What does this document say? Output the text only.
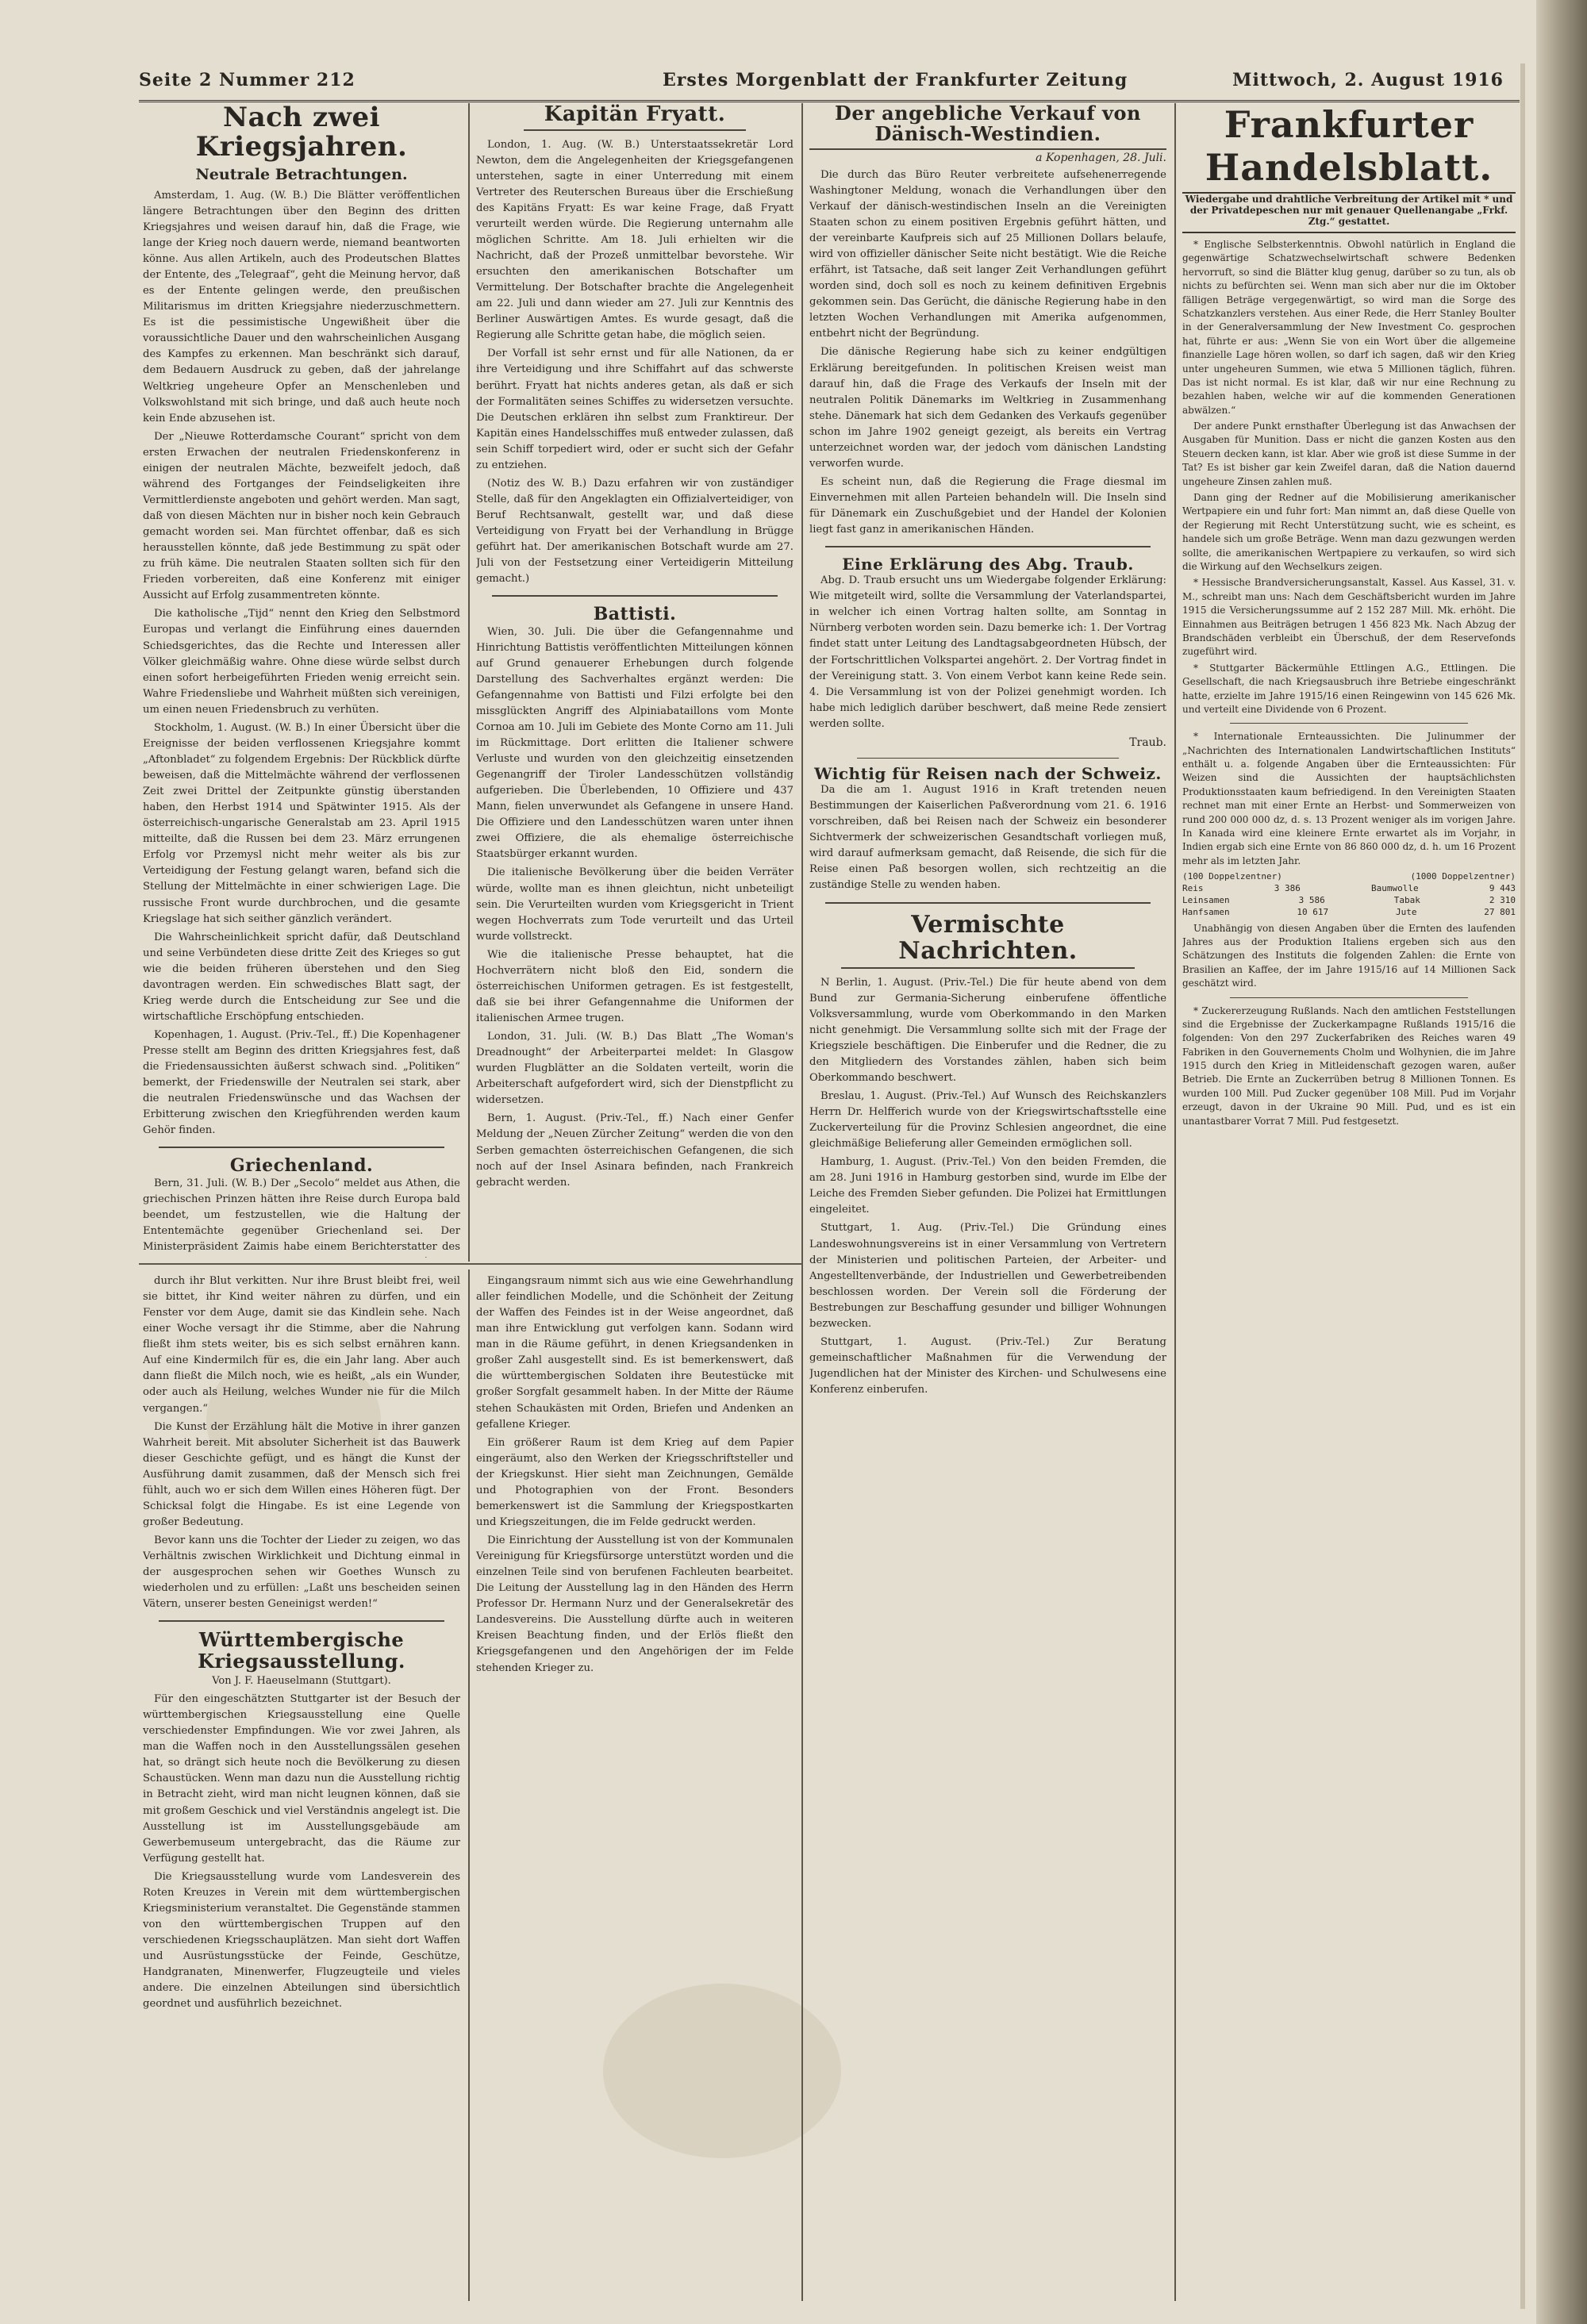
Seite 2 Nummer 212	Erstes Morgenblatt der Frankfurter Zeitung	Mittwoch, 2. August 1916
Nach zwei Kriegsjahren.
Neutrale Betrachtungen.

Amsterdam, 1. Aug. (W. B.) Die Blätter veröffentlichen längere Betrachtungen über den Beginn des dritten Kriegsjahres und weisen darauf hin, daß die Frage, wie lange der Krieg noch dauern werde, niemand beantworten könne. Aus allen Artikeln, auch des Prodeutschen Blattes der Entente, des „Telegraaf“, geht die Meinung hervor, daß es der Entente gelingen werde, den preußischen Militarismus im dritten Kriegsjahre niederzuschmettern. Es ist die pessimistische Ungewißheit über die voraussichtliche Dauer und den wahrscheinlichen Ausgang des Kampfes zu erkennen. Man beschränkt sich darauf, dem Bedauern Ausdruck zu geben, daß der jahrelange Weltkrieg ungeheure Opfer an Menschenleben und Volkswohlstand mit sich bringe, und daß auch heute noch kein Ende abzusehen ist.

Der „Nieuwe Rotterdamsche Courant“ spricht von dem ersten Erwachen der neutralen Friedenskonferenz in einigen der neutralen Mächte, bezweifelt jedoch, daß während des Fortganges der Feindseligkeiten ihre Vermittlerdienste angeboten und gehört werden. Man sagt, daß von diesen Mächten nur in bisher noch kein Gebrauch gemacht worden sei. Man fürchtet offenbar, daß es sich herausstellen könnte, daß jede Bestimmung zu spät oder zu früh käme. Die neutralen Staaten sollten sich für den Frieden vorbereiten, daß eine Konferenz mit einiger Aussicht auf Erfolg zusammentreten könnte.

Die katholische „Tijd“ nennt den Krieg den Selbstmord Europas und verlangt die Einführung eines dauernden Schiedsgerichtes, das die Rechte und Interessen aller Völker gleichmäßig wahre. Ohne diese würde selbst durch einen sofort herbeigeführten Frieden wenig erreicht sein. Wahre Friedensliebe und Wahrheit müßten sich vereinigen, um einen neuen Friedensbruch zu verhüten.

Stockholm, 1. August. (W. B.) In einer Übersicht über die Ereignisse der beiden verflossenen Kriegsjahre kommt „Aftonbladet“ zu folgendem Ergebnis: Der Rückblick dürfte beweisen, daß die Mittelmächte während der verflossenen Zeit zwei Drittel der Zeitpunkte günstig überstanden haben, den Herbst 1914 und Spätwinter 1915. Als der österreichisch-ungarische Generalstab am 23. April 1915 mitteilte, daß die Russen bei dem 23. März errungenen Erfolg vor Przemysl nicht mehr weiter als bis zur Verteidigung der Festung gelangt waren, befand sich die Stellung der Mittelmächte in einer schwierigen Lage. Die russische Front wurde durchbrochen, und die gesamte Kriegslage hat sich seither gänzlich verändert.

Die Wahrscheinlichkeit spricht dafür, daß Deutschland und seine Verbündeten diese dritte Zeit des Krieges so gut wie die beiden früheren überstehen und den Sieg davontragen werden. Ein schwedisches Blatt sagt, der Krieg werde durch die Entscheidung zur See und die wirtschaftliche Erschöpfung entschieden.

Kopenhagen, 1. August. (Priv.-Tel., ff.) Die Kopenhagener Presse stellt am Beginn des dritten Kriegsjahres fest, daß die Friedensaussichten äußerst schwach sind. „Politiken“ bemerkt, der Friedenswille der Neutralen sei stark, aber die neutralen Friedenswünsche und das Wachsen der Erbitterung zwischen den Kriegführenden werden kaum Gehör finden.

Griechenland.

Bern, 31. Juli. (W. B.) Der „Secolo“ meldet aus Athen, die griechischen Prinzen hätten ihre Reise durch Europa bald beendet, um festzustellen, wie die Haltung der Ententemächte gegenüber Griechenland sei. Der Ministerpräsident Zaimis habe einem Berichterstatter des

Kapitän Fryatt.

London, 1. Aug. (W. B.) Unterstaatssekretär Lord Newton, dem die Angelegenheiten der Kriegsgefangenen unterstehen, sagte in einer Unterredung mit einem Vertreter des Reuterschen Bureaus über die Erschießung des Kapitäns Fryatt: Es war keine Frage, daß Fryatt verurteilt werden würde. Die Regierung unternahm alle möglichen Schritte. Am 18. Juli erhielten wir die Nachricht, daß der Prozeß unmittelbar bevorstehe. Wir ersuchten den amerikanischen Botschafter um Vermittelung. Der Botschafter brachte die Angelegenheit am 22. Juli und dann wieder am 27. Juli zur Kenntnis des Berliner Auswärtigen Amtes. Es wurde gesagt, daß die Regierung alle Schritte getan habe, die möglich seien.

Der Vorfall ist sehr ernst und für alle Nationen, da er ihre Verteidigung und ihre Schiffahrt auf das schwerste berührt. Fryatt hat nichts anderes getan, als daß er sich der Formalitäten seines Schiffes zu widersetzen versuchte. Die Deutschen erklären ihn selbst zum Franktireur. Der Kapitän eines Handelsschiffes muß entweder zulassen, daß sein Schiff torpediert wird, oder er sucht sich der Gefahr zu entziehen.

(Notiz des W. B.) Dazu erfahren wir von zuständiger Stelle, daß für den Angeklagten ein Offizialverteidiger, von Beruf Rechtsanwalt, gestellt war, und daß diese Verteidigung von Fryatt bei der Verhandlung in Brügge geführt hat. Der amerikanischen Botschaft wurde am 27. Juli von der Festsetzung einer Verteidigerin Mitteilung gemacht.)

Battisti.

Wien, 30. Juli. Die über die Gefangennahme und Hinrichtung Battistis veröffentlichten Mitteilungen können auf Grund genauerer Erhebungen durch folgende Darstellung des Sachverhaltes ergänzt werden: Die Gefangennahme von Battisti und Filzi erfolgte bei den missglückten Angriff des Alpiniabataillons vom Monte Cornoa am 10. Juli im Gebiete des Monte Corno am 11. Juli im Rückmittage. Dort erlitten die Italiener schwere Verluste und wurden von den gleichzeitig einsetzenden Gegenangriff der Tiroler Landesschützen vollständig aufgerieben. Die Überlebenden, 10 Offiziere und 437 Mann, fielen unverwundet als Gefangene in unsere Hand. Die Offiziere und den Landesschützen waren unter ihnen zwei Offiziere, die als ehemalige österreichische Staatsbürger erkannt wurden.

Die italienische Bevölkerung über die beiden Verräter würde, wollte man es ihnen gleichtun, nicht unbeteiligt sein. Die Verurteilten wurden vom Kriegsgericht in Trient wegen Hochverrats zum Tode verurteilt und das Urteil wurde vollstreckt.

Wie die italienische Presse behauptet, hat die Hochverrätern nicht bloß den Eid, sondern die österreichischen Uniformen getragen. Es ist festgestellt, daß sie bei ihrer Gefangennahme die Uniformen der italienischen Armee trugen.

London, 31. Juli. (W. B.) Das Blatt „The Woman's Dreadnought“ der Arbeiterpartei meldet: In Glasgow wurden Flugblätter an die Soldaten verteilt, worin die Arbeiterschaft aufgefordert wird, sich der Dienstpflicht zu widersetzen.

Bern, 1. August. (Priv.-Tel., ff.) Nach einer Genfer Meldung der „Neuen Zürcher Zeitung“ werden die von den Serben gemachten österreichischen Gefangenen, die sich noch auf der Insel Asinara befinden, nach Frankreich gebracht werden.

Der angebliche Verkauf von Dänisch-Westindien.
a Kopenhagen, 28. Juli.

Die durch das Büro Reuter verbreitete aufsehenerregende Washingtoner Meldung, wonach die Verhandlungen über den Verkauf der dänisch-westindischen Inseln an die Vereinigten Staaten schon zu einem positiven Ergebnis geführt hätten, und der vereinbarte Kaufpreis sich auf 25 Millionen Dollars belaufe, wird von offizieller dänischer Seite nicht bestätigt. Wie die Reiche erfährt, ist Tatsache, daß seit langer Zeit Verhandlungen geführt worden sind, doch soll es noch zu keinem definitiven Ergebnis gekommen sein. Das Gerücht, die dänische Regierung habe in den letzten Wochen Verhandlungen mit Amerika aufgenommen, entbehrt nicht der Begründung.

Die dänische Regierung habe sich zu keiner endgültigen Erklärung bereitgefunden. In politischen Kreisen weist man darauf hin, daß die Frage des Verkaufs der Inseln mit der neutralen Politik Dänemarks im Weltkrieg in Zusammenhang stehe. Dänemark hat sich dem Gedanken des Verkaufs gegenüber schon im Jahre 1902 geneigt gezeigt, als bereits ein Vertrag unterzeichnet worden war, der jedoch vom dänischen Landsting verworfen wurde.

Es scheint nun, daß die Regierung die Frage diesmal im Einvernehmen mit allen Parteien behandeln will. Die Inseln sind für Dänemark ein Zuschußgebiet und der Handel der Kolonien liegt fast ganz in amerikanischen Händen.

Eine Erklärung des Abg. Traub.

Abg. D. Traub ersucht uns um Wiedergabe folgender Erklärung: Wie mitgeteilt wird, sollte die Versammlung der Vaterlandspartei, in welcher ich einen Vortrag halten sollte, am Sonntag in Nürnberg verboten worden sein. Dazu bemerke ich: 1. Der Vortrag findet statt unter Leitung des Landtagsabgeordneten Hübsch, der der Fortschrittlichen Volkspartei angehört. 2. Der Vortrag findet in der Vereinigung statt. 3. Von einem Verbot kann keine Rede sein. 4. Die Versammlung ist von der Polizei genehmigt worden. Ich habe mich lediglich darüber beschwert, daß meine Rede zensiert werden sollte.

Traub.
Wichtig für Reisen nach der Schweiz.

Da die am 1. August 1916 in Kraft tretenden neuen Bestimmungen der Kaiserlichen Paßverordnung vom 21. 6. 1916 vorschreiben, daß bei Reisen nach der Schweiz ein besonderer Sichtvermerk der schweizerischen Gesandtschaft vorliegen muß, wird darauf aufmerksam gemacht, daß Reisende, die sich für die Reise einen Paß besorgen wollen, sich rechtzeitig an die zuständige Stelle zu wenden haben.

Vermischte Nachrichten.

N Berlin, 1. August. (Priv.-Tel.) Die für heute abend von dem Bund zur Germania-Sicherung einberufene öffentliche Volksversammlung, wurde vom Oberkommando in den Marken nicht genehmigt. Die Versammlung sollte sich mit der Frage der Kriegsziele beschäftigen. Die Einberufer und die Redner, die zu den Mitgliedern des Vorstandes zählen, haben sich beim Oberkommando beschwert.

Breslau, 1. August. (Priv.-Tel.) Auf Wunsch des Reichskanzlers Herrn Dr. Helfferich wurde von der Kriegswirtschaftsstelle eine Zuckerverteilung für die Provinz Schlesien angeordnet, die eine gleichmäßige Belieferung aller Gemeinden ermöglichen soll.

Hamburg, 1. August. (Priv.-Tel.) Von den beiden Fremden, die am 28. Juni 1916 in Hamburg gestorben sind, wurde im Elbe der Leiche des Fremden Sieber gefunden. Die Polizei hat Ermittlungen eingeleitet.

Stuttgart, 1. Aug. (Priv.-Tel.) Die Gründung eines Landeswohnungsvereins ist in einer Versammlung von Vertretern der Ministerien und politischen Parteien, der Arbeiter- und Angestelltenverbände, der Industriellen und Gewerbetreibenden beschlossen worden. Der Verein soll die Förderung der Bestrebungen zur Beschaffung gesunder und billiger Wohnungen bezwecken.

Stuttgart, 1. August. (Priv.-Tel.) Zur Beratung gemeinschaftlicher Maßnahmen für die Verwendung der Jugendlichen hat der Minister des Kirchen- und Schulwesens eine Konferenz einberufen.

Frankfurter Handelsblatt.
Wiedergabe und drahtliche Verbreitung der Artikel mit * und der Privatdepeschen nur mit genauer Quellenangabe „Frkf. Ztg.“ gestattet.

* Englische Selbsterkenntnis. Obwohl natürlich in England die gegenwärtige Schatzwechselwirtschaft schwere Bedenken hervorruft, so sind die Blätter klug genug, darüber so zu tun, als ob nichts zu befürchten sei. Wenn man sich aber nur die im Oktober fälligen Beträge vergegenwärtigt, so wird man die Sorge des Schatzkanzlers verstehen. Aus einer Rede, die Herr Stanley Boulter in der Generalversammlung der New Investment Co. gesprochen hat, führte er aus: „Wenn Sie von ein Wort über die allgemeine finanzielle Lage hören wollen, so darf ich sagen, daß wir den Krieg unter ungeheuren Summen, wie etwa 5 Millionen täglich, führen. Das ist nicht normal. Es ist klar, daß wir nur eine Rechnung zu bezahlen haben, welche wir auf die kommenden Generationen abwälzen.“

Der andere Punkt ernsthafter Überlegung ist das Anwachsen der Ausgaben für Munition. Dass er nicht die ganzen Kosten aus den Steuern decken kann, ist klar. Aber wie groß ist diese Summe in der Tat? Es ist bisher gar kein Zweifel daran, daß die Nation dauernd ungeheure Zinsen zahlen muß.

Dann ging der Redner auf die Mobilisierung amerikanischer Wertpapiere ein und fuhr fort: Man nimmt an, daß diese Quelle von der Regierung mit Recht Unterstützung sucht, wie es scheint, es handele sich um große Beträge. Wenn man dazu gezwungen werden sollte, die amerikanischen Wertpapiere zu verkaufen, so wird sich die Wirkung auf den Wechselkurs zeigen.

* Hessische Brandversicherungsanstalt, Kassel. Aus Kassel, 31. v. M., schreibt man uns: Nach dem Geschäftsbericht wurden im Jahre 1915 die Versicherungssumme auf 2 152 287 Mill. Mk. erhöht. Die Einnahmen aus Beiträgen betrugen 1 456 823 Mk. Nach Abzug der Brandschäden verbleibt ein Überschuß, der dem Reservefonds zugeführt wird.

* Stuttgarter Bäckermühle Ettlingen A.G., Ettlingen. Die Gesellschaft, die nach Kriegsausbruch ihre Betriebe eingeschränkt hatte, erzielte im Jahre 1915/16 einen Reingewinn von 145 626 Mk. und verteilt eine Dividende von 6 Prozent.

* Internationale Ernteaussichten. Die Julinummer der „Nachrichten des Internationalen Landwirtschaftlichen Instituts“ enthält u. a. folgende Angaben über die Ernteaussichten: Für Weizen sind die Aussichten der hauptsächlichsten Produktionsstaaten kaum befriedigend. In den Vereinigten Staaten rechnet man mit einer Ernte an Herbst- und Sommerweizen von rund 200 000 000 dz, d. s. 13 Prozent weniger als im vorigen Jahre. In Kanada wird eine kleinere Ernte erwartet als im Vorjahr, in Indien ergab sich eine Ernte von 86 860 000 dz, d. h. um 16 Prozent mehr als im letzten Jahr.

(100 Doppelzentner)	(1000 Doppelzentner)
Reis	3 386	Baumwolle	9 443
Leinsamen	3 586	Tabak	2 310
Hanfsamen	10 617	Jute	27 801

Unabhängig von diesen Angaben über die Ernten des laufenden Jahres aus der Produktion Italiens ergeben sich aus den Schätzungen des Instituts die folgenden Zahlen: die Ernte von Brasilien an Kaffee, der im Jahre 1915/16 auf 14 Millionen Sack geschätzt wird.

* Zuckererzeugung Rußlands. Nach den amtlichen Feststellungen sind die Ergebnisse der Zuckerkampagne Rußlands 1915/16 die folgenden: Von den 297 Zuckerfabriken des Reiches waren 49 Fabriken in den Gouvernements Cholm und Wolhynien, die im Jahre 1915 durch den Krieg in Mitleidenschaft gezogen waren, außer Betrieb. Die Ernte an Zuckerrüben betrug 8 Millionen Tonnen. Es wurden 100 Mill. Pud Zucker gegenüber 108 Mill. Pud im Vorjahr erzeugt, davon in der Ukraine 90 Mill. Pud, und es ist ein unantastbarer Vorrat 7 Mill. Pud festgesetzt.

durch ihr Blut verkitten. Nur ihre Brust bleibt frei, weil sie bittet, ihr Kind weiter nähren zu dürfen, und ein Fenster vor dem Auge, damit sie das Kindlein sehe. Nach einer Woche versagt ihr die Stimme, aber die Nahrung fließt ihm stets weiter, bis es sich selbst ernähren kann. Auf eine Kindermilch für es, die ein Jahr lang. Aber auch dann fließt die Milch noch, wie es heißt, „als ein Wunder, oder auch als Heilung, welches Wunder nie für die Milch vergangen.“

Die Kunst der Erzählung hält die Motive in ihrer ganzen Wahrheit bereit. Mit absoluter Sicherheit ist das Bauwerk dieser Geschichte gefügt, und es hängt die Kunst der Ausführung damit zusammen, daß der Mensch sich frei fühlt, auch wo er sich dem Willen eines Höheren fügt. Der Schicksal folgt die Hingabe. Es ist eine Legende von großer Bedeutung.

Bevor kann uns die Tochter der Lieder zu zeigen, wo das Verhältnis zwischen Wirklichkeit und Dichtung einmal in der ausgesprochen sehen wir Goethes Wunsch zu wiederholen und zu erfüllen: „Laßt uns bescheiden seinen Vätern, unserer besten Geneinigst werden!“

Württembergische Kriegsausstellung.
Von J. F. Haeuselmann (Stuttgart).

Für den eingeschätzten Stuttgarter ist der Besuch der württembergischen Kriegsausstellung eine Quelle verschiedenster Empfindungen. Wie vor zwei Jahren, als man die Waffen noch in den Ausstellungssälen gesehen hat, so drängt sich heute noch die Bevölkerung zu diesen Schaustücken. Wenn man dazu nun die Ausstellung richtig in Betracht zieht, wird man nicht leugnen können, daß sie mit großem Geschick und viel Verständnis angelegt ist. Die Ausstellung ist im Ausstellungsgebäude am Gewerbemuseum untergebracht, das die Räume zur Verfügung gestellt hat.

Die Kriegsausstellung wurde vom Landesverein des Roten Kreuzes in Verein mit dem württembergischen Kriegsministerium veranstaltet. Die Gegenstände stammen von den württembergischen Truppen auf den verschiedenen Kriegsschauplätzen. Man sieht dort Waffen und Ausrüstungsstücke der Feinde, Geschütze, Handgranaten, Minenwerfer, Flugzeugteile und vieles andere. Die einzelnen Abteilungen sind übersichtlich geordnet und ausführlich bezeichnet.

Eingangsraum nimmt sich aus wie eine Gewehrhandlung aller feindlichen Modelle, und die Schönheit der Zeitung der Waffen des Feindes ist in der Weise angeordnet, daß man ihre Entwicklung gut verfolgen kann. Sodann wird man in die Räume geführt, in denen Kriegsandenken in großer Zahl ausgestellt sind. Es ist bemerkenswert, daß die württembergischen Soldaten ihre Beutestücke mit großer Sorgfalt gesammelt haben. In der Mitte der Räume stehen Schaukästen mit Orden, Briefen und Andenken an gefallene Krieger.

Ein größerer Raum ist dem Krieg auf dem Papier eingeräumt, also den Werken der Kriegsschriftsteller und der Kriegskunst. Hier sieht man Zeichnungen, Gemälde und Photographien von der Front. Besonders bemerkenswert ist die Sammlung der Kriegspostkarten und Kriegszeitungen, die im Felde gedruckt werden.

Die Einrichtung der Ausstellung ist von der Kommunalen Vereinigung für Kriegsfürsorge unterstützt worden und die einzelnen Teile sind von berufenen Fachleuten bearbeitet. Die Leitung der Ausstellung lag in den Händen des Herrn Professor Dr. Hermann Nurz und der Generalsekretär des Landesvereins. Die Ausstellung dürfte auch in weiteren Kreisen Beachtung finden, und der Erlös fließt den Kriegsgefangenen und den Angehörigen der im Felde stehenden Krieger zu.
